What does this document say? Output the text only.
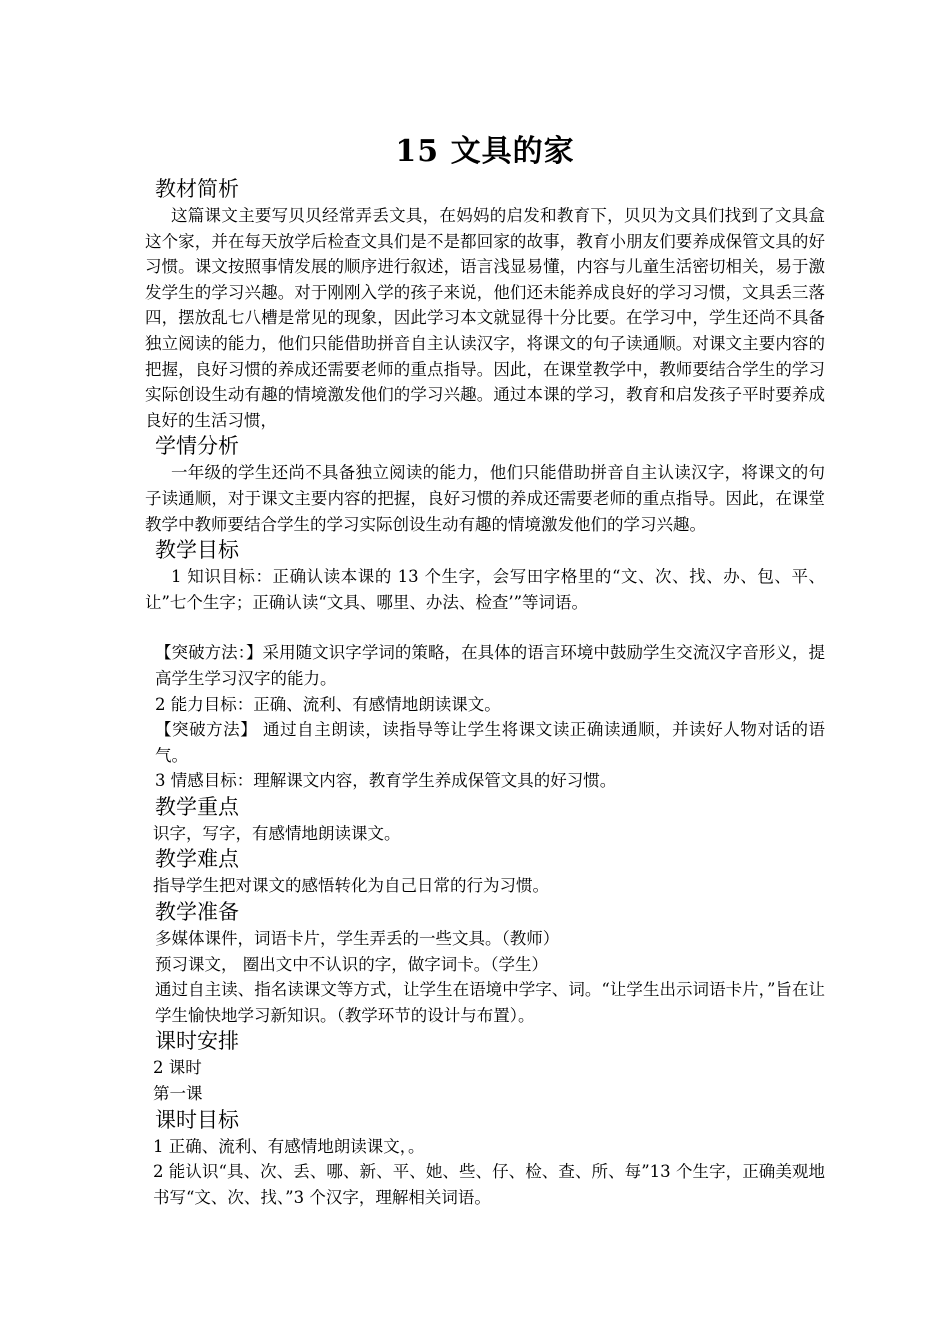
15 文具的家
教材简析
这篇课文主要写贝贝经常弄丢文具，在妈妈的启发和教育下，贝贝为文具们找到了文具盒这个家，并在每天放学后检查文具们是不是都回家的故事，教育小朋友们要养成保管文具的好习惯。课文按照事情发展的顺序进行叙述，语言浅显易懂，内容与儿童生活密切相关，易于激发学生的学习兴趣。对于刚刚入学的孩子来说，他们还未能养成良好的学习习惯，文具丢三落四，摆放乱七八槽是常见的现象，因此学习本文就显得十分比要。在学习中，学生还尚不具备独立阅读的能力，他们只能借助拼音自主认读汉字，将课文的句子读通顺。对课文主要内容的把握，良好习惯的养成还需要老师的重点指导。因此，在课堂教学中，教师要结合学生的学习实际创设生动有趣的情境激发他们的学习兴趣。通过本课的学习，教育和启发孩子平时要养成良好的生活习惯，
学情分析
一年级的学生还尚不具备独立阅读的能力，他们只能借助拼音自主认读汉字，将课文的句子读通顺，对于课文主要内容的把握，良好习惯的养成还需要老师的重点指导。因此，在课堂教学中教师要结合学生的学习实际创设生动有趣的情境激发他们的学习兴趣。
教学目标
1 知识目标：正确认读本课的 13 个生字，会写田字格里的“文、次、找、办、包、平、让”七个生字；正确认读“文具、哪里、办法、检查’”等词语。
【突破方法：】采用随文识字学词的策略，在具体的语言环境中鼓励学生交流汉字音形义，提高学生学习汉字的能力。
2 能力目标：正确、流利、有感情地朗读课文。
【突破方法】 通过自主朗读，读指导等让学生将课文读正确读通顺，并读好人物对话的语气。
3 情感目标：理解课文内容，教育学生养成保管文具的好习惯。
教学重点
识字，写字，有感情地朗读课文。
教学难点
指导学生把对课文的感悟转化为自己日常的行为习惯。
教学准备
多媒体课件，词语卡片，学生弄丢的一些文具。（教师）
预习课文， 圈出文中不认识的字，做字词卡。（学生）
通过自主读、指名读课文等方式，让学生在语境中学字、词。“让学生出示词语卡片，”旨在让学生愉快地学习新知识。（教学环节的设计与布置）。
课时安排
2 课时
第一课
课时目标
1 正确、流利、有感情地朗读课文，。
2 能认识“具、次、丢、哪、新、平、她、些、仔、检、查、所、每”13 个生字，正确美观地书写“文、次、找、”3 个汉字，理解相关词语。
